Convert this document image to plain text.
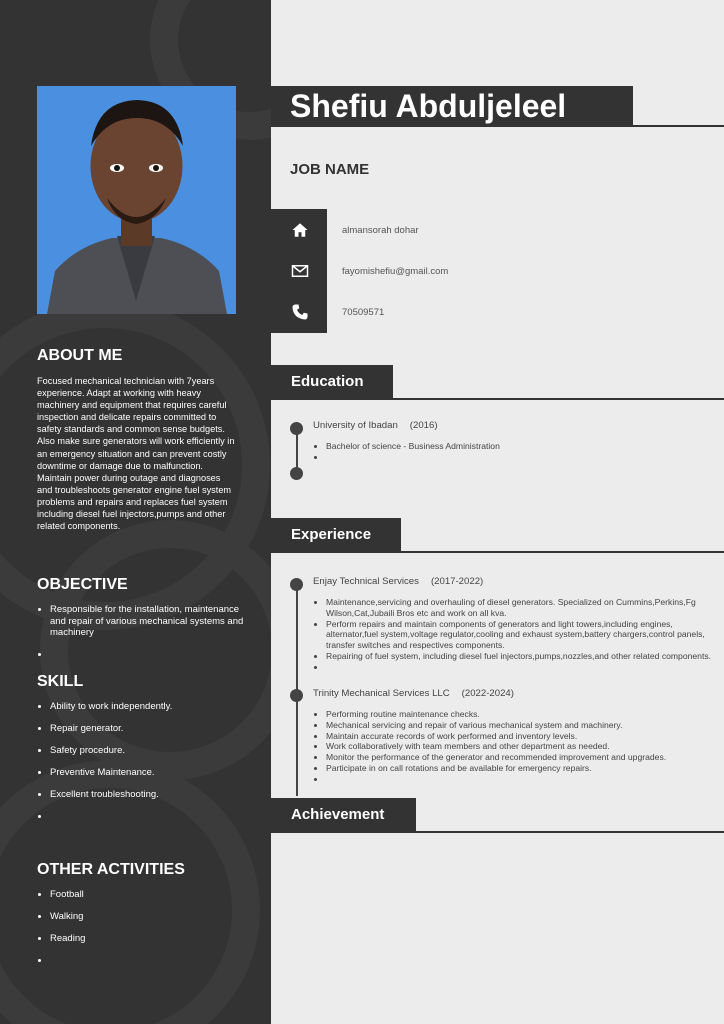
ABOUT ME

Focused mechanical technician with 7years experience. Adapt at working with heavy machinery and equipment that requires careful inspection and delicate repairs committed to safety standards and common sense budgets. Also make sure generators will work efficiently in an emergency situation and can prevent costly downtime or damage due to malfunction. Maintain power during outage and diagnoses and troubleshoots generator engine fuel system problems and repairs and replaces fuel system including diesel fuel injectors,pumps and other related components.

OBJECTIVE
• Responsible for the installation, maintenance and repair of various mechanical systems and machinery
•
SKILL
• Ability to work independently.
• Repair generator.
• Safety procedure.
• Preventive Maintenance.
• Excellent troubleshooting.
•
OTHER ACTIVITIES
• Football
• Walking
• Reading
•
Shefiu Abduljeleel
JOB NAME

almansorah dohar

fayomishefiu@gmail.com

70509571

Education

University of Ibadan (2016)

• Bachelor of science - Business Administration
•
Experience

Enjay Technical Services (2017-2022)

• Maintenance,servicing and overhauling of diesel generators. Specialized on Cummins,Perkins,Fg Wilson,Cat,Jubaili Bros etc and work on all kva.
• Perform repairs and maintain components of generators and light towers,including engines, alternator,fuel system,voltage regulator,cooling and exhaust system,battery chargers,control panels, transfer switches and respectives components.
• Repairing of fuel system, including diesel fuel injectors,pumps,nozzles,and other related components.
•

Trinity Mechanical Services LLC (2022-2024)

• Performing routine maintenance checks.
• Mechanical servicing and repair of various mechanical system and machinery.
• Maintain accurate records of work performed and inventory levels.
• Work collaboratively with team members and other department as needed.
• Monitor the performance of the generator and recommended improvement and upgrades.
• Participate in on call rotations and be available for emergency repairs.
•
Achievement
